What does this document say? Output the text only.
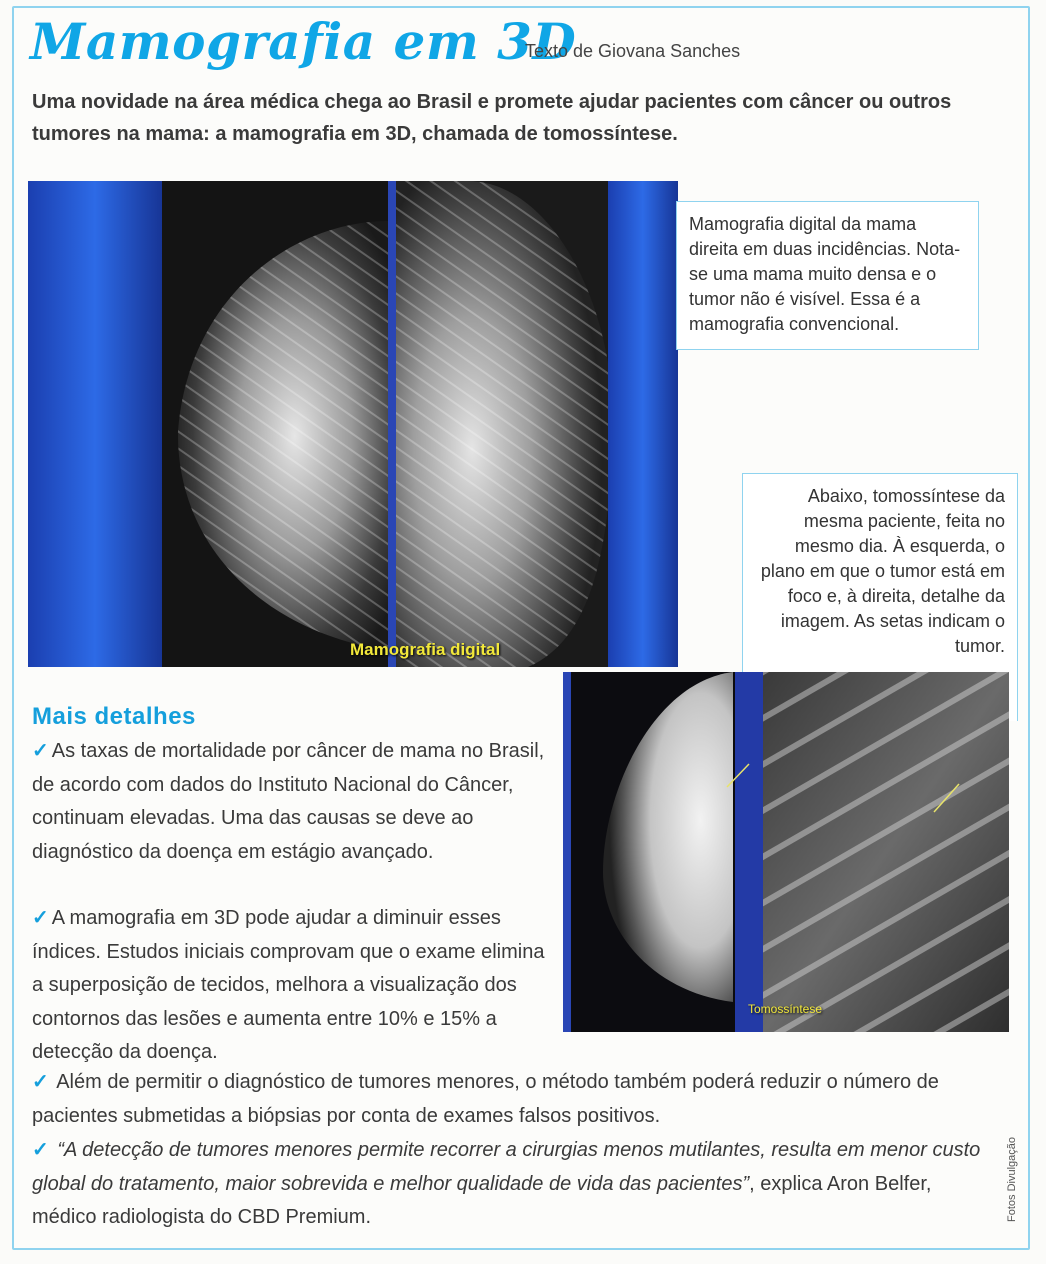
Mamografia em 3D
Texto de Giovana Sanches

Uma novidade na área médica chega ao Brasil e promete ajudar pacientes com câncer ou outros tumores na mama: a mamografia em 3D, chamada de tomossíntese.

Mamografia digital
Mamografia digital da mama direita em duas incidências. Nota-se uma mama muito densa e o tumor não é visível. Essa é a mamografia convencional.
Abaixo, tomossíntese da mesma paciente, feita no mesmo dia. À esquerda, o plano em que o tumor está em foco e, à direita, detalhe da imagem. As setas indicam o tumor.
Tomossíntese
Mais detalhes

✓ As taxas de mortalidade por câncer de mama no Brasil, de acordo com dados do Instituto Nacional do Câncer, continuam elevadas. Uma das causas se deve ao diagnóstico da doença em estágio avançado.

✓ A mamografia em 3D pode ajudar a diminuir esses índices. Estudos iniciais comprovam que o exame elimina a superposição de tecidos, melhora a visualização dos contornos das lesões e aumenta entre 10% e 15% a detecção da doença.

✓ Além de permitir o diagnóstico de tumores menores, o método também poderá reduzir o número de pacientes submetidas a biópsias por conta de exames falsos positivos.

✓ “A detecção de tumores menores permite recorrer a cirurgias menos mutilantes, resulta em menor custo global do tratamento, maior sobrevida e melhor qualidade de vida das pacientes”, explica Aron Belfer, médico radiologista do CBD Premium.	Fotos Divulgação
